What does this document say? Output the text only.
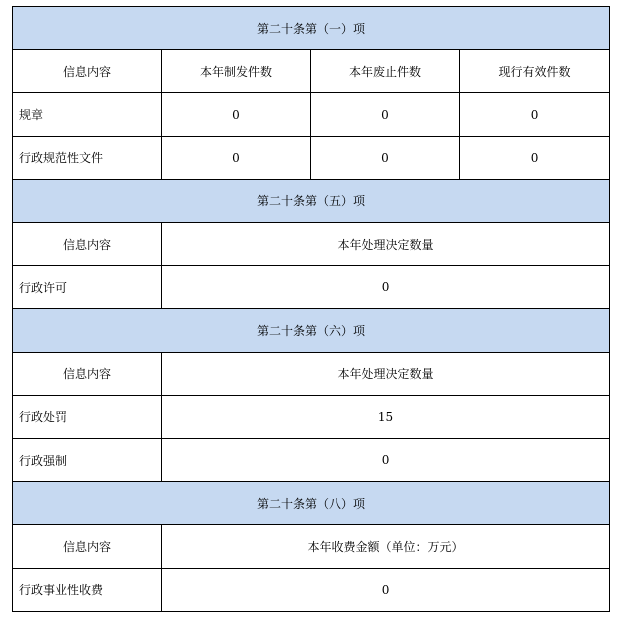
第二十条第（一）项			
信息内容	本年制发件数	本年废止件数	现行有效件数
规章	0	0	0
行政规范性文件	0	0	0
第二十条第（五）项			
信息内容	本年处理决定数量		
行政许可	0		
第二十条第（六）项			
信息内容	本年处理决定数量		
行政处罚	15		
行政强制	0		
第二十条第（八）项			
信息内容	本年收费金额（单位：万元）		
行政事业性收费	0		
